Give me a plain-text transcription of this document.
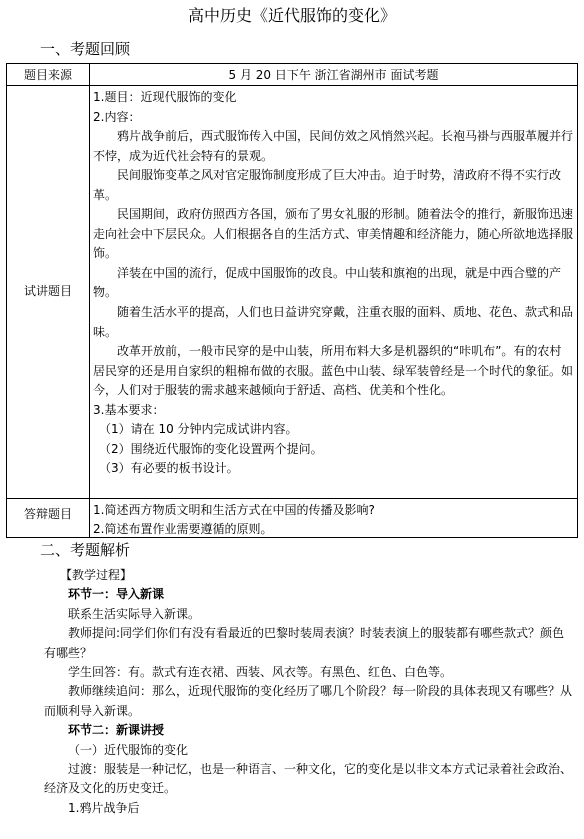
高中历史《近代服饰的变化》
一、考题回顾
题目来源	5 月 20 日下午 浙江省湖州市 面试考题
试讲题目

1.题目：近现代服饰的变化

2.内容：

鸦片战争前后，西式服饰传入中国，民间仿效之风悄然兴起。长袍马褂与西服革履并行不悖，成为近代社会特有的景观。

民间服饰变革之风对官定服饰制度形成了巨大冲击。迫于时势，清政府不得不实行改革。

民国期间，政府仿照西方各国，颁布了男女礼服的形制。随着法令的推行，新服饰迅速走向社会中下层民众。人们根据各自的生活方式、审美情趣和经济能力，随心所欲地选择服饰。

洋装在中国的流行，促成中国服饰的改良。中山装和旗袍的出现，就是中西合璧的产物。

随着生活水平的提高，人们也日益讲究穿戴，注重衣服的面料、质地、花色、款式和品味。

改革开放前，一般市民穿的是中山装，所用布料大多是机器织的“咔叽布”。有的农村居民穿的还是用自家织的粗棉布做的衣服。蓝色中山装、绿军装曾经是一个时代的象征。如今，人们对于服装的需求越来越倾向于舒适、高档、优美和个性化。

3.基本要求：

（1）请在 10 分钟内完成试讲内容。

（2）围绕近代服饰的变化设置两个提问。

（3）有必要的板书设计。

答辩题目	1.简述西方物质文明和生活方式在中国的传播及影响?

2.简述布置作业需要遵循的原则。

二、考题解析

【教学过程】

环节一：导入新课

联系生活实际导入新课。

教师提问:同学们你们有没有看最近的巴黎时装周表演？时装表演上的服装都有哪些款式？颜色有哪些？

学生回答：有。款式有连衣裙、西装、风衣等。有黑色、红色、白色等。

教师继续追问：那么，近现代服饰的变化经历了哪几个阶段？每一阶段的具体表现又有哪些？从而顺利导入新课。

环节二：新课讲授

（一）近代服饰的变化

过渡：服装是一种记忆，也是一种语言、一种文化，它的变化是以非文本方式记录着社会政治、经济及文化的历史变迁。

1.鸦片战争后
